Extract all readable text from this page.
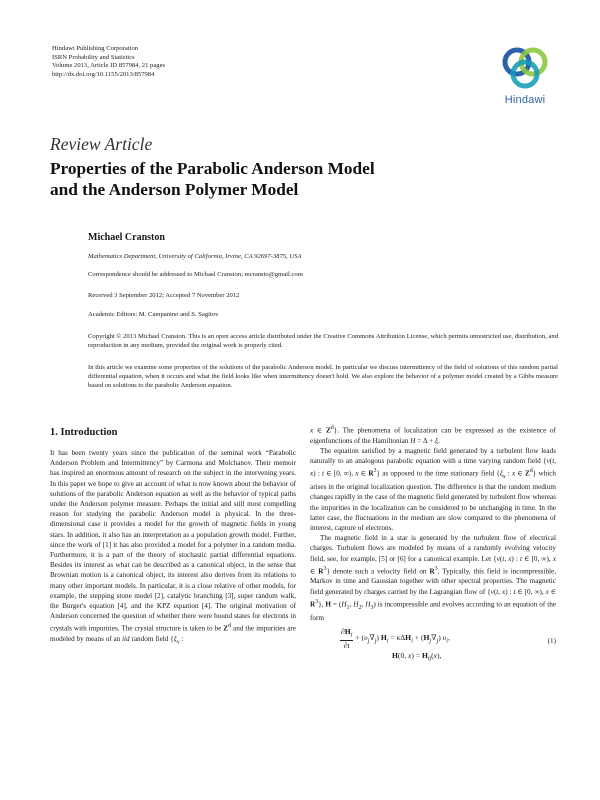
Hindawi Publishing Corporation
ISRN Probability and Statistics
Volume 2013, Article ID 857984, 21 pages
http://dx.doi.org/10.1155/2013/857984
Hindawi
Review Article
Properties of the Parabolic Anderson Model
and the Anderson Polymer Model
Michael Cranston
Mathematics Department, University of California, Irvine, CA 92697-3875, USA
Correspondence should be addressed to Michael Cranston; mcransto@gmail.com
Received 3 September 2012; Accepted 7 November 2012
Academic Editors: M. Campanino and S. Sagitov
Copyright © 2013 Michael Cranston. This is an open access article distributed under the Creative Commons Attribution License, which permits unrestricted use, distribution, and reproduction in any medium, provided the original work is properly cited.
In this article we examine some properties of the solutions of the parabolic Anderson model. In particular we discuss intermittency of the field of solutions of this random partial differential equation, when it occurs and what the field looks like when intermittency doesn't hold. We also explore the behavior of a polymer model created by a Gibbs measure based on solutions to the parabolic Anderson equation.
1. Introduction

It has been twenty years since the publication of the seminal work “Parabolic Anderson Problem and Intermittency” by Carmona and Molchanov. Their memoir has inspired an enormous amount of research on the subject in the intervening years. In this paper we hope to give an account of what is now known about the behavior of solutions of the parabolic Anderson equation as well as the behavior of typical paths under the Anderson polymer measure. Perhaps the initial and still most compelling reason for studying the parabolic Anderson model is physical. In the three-dimensional case it provides a model for the growth of magnetic fields in young stars. In addition, it also has an interpretation as a population growth model. Further, since the work of [1] it has also provided a model for a polymer in a random media. Furthermore, it is a part of the theory of stochastic partial differential equations. Besides its interest as what can be described as a canonical object, in the sense that Brownian motion is a canonical object, its interest also derives from its relations to many other important models. In particular, it is a close relative of other models, for example, the stepping stone model [2], catalytic branching [3], super random walk, the Burger's equation [4], and the KPZ equation [4]. The original motivation of Anderson concerned the question of whether there were bound states for electrons in crystals with impurities. The crystal structure is taken to be $Z^d$ and the impurities are modeled by means of an iid random field {$\xi_x$ :

x ∈ $Z^d$}. The phenomena of localization can be expressed as the existence of eigenfunctions of the Hamiltonian H = Δ + ξ.

The equation satisfied by a magnetic field generated by a turbulent flow leads naturally to an analogous parabolic equation with a time varying random field {v(t, x) : t ∈ [0, ∞), x ∈ $R^3$} as opposed to the time stationary field {$\xi_x$ : x ∈ $Z^d$} which arises in the original localization question. The difference is that the random medium changes rapidly in the case of the magnetic field generated by turbulent flow whereas the impurities in the localization can be considered to be unchanging in time. In the latter case, the fluctuations in the medium are slow compared to the phenomena of interest, capture of electrons.

The magnetic field in a star is generated by the turbulent flow of electrical charges. Turbulent flows are modeled by means of a randomly evolving velocity field, see, for example, [5] or [6] for a canonical example. Let {v(t, x) : t ∈ [0, ∞), x ∈ $R^3$} denote such a velocity field on $R^3$. Typically, this field is incompressible, Markov in time and Gaussian together with other spectral properties. The magnetic field generated by charges carried by the Lagrangian flow of {v(t, x) : t ∈ [0, ∞), x ∈ $R^3$}, $H = (H_1$, $H_2$, $H_3$) is incompressible and evolves according to an equation of the form

$\frac{\partial H_i}{\partial t} + (\upsilon_j\nabla_j) H_i = \kappa\Delta H_i + (H_j\nabla_j)$ $\upsilon_i$,	(1)
H(0, $x) = H_0(x)$,
